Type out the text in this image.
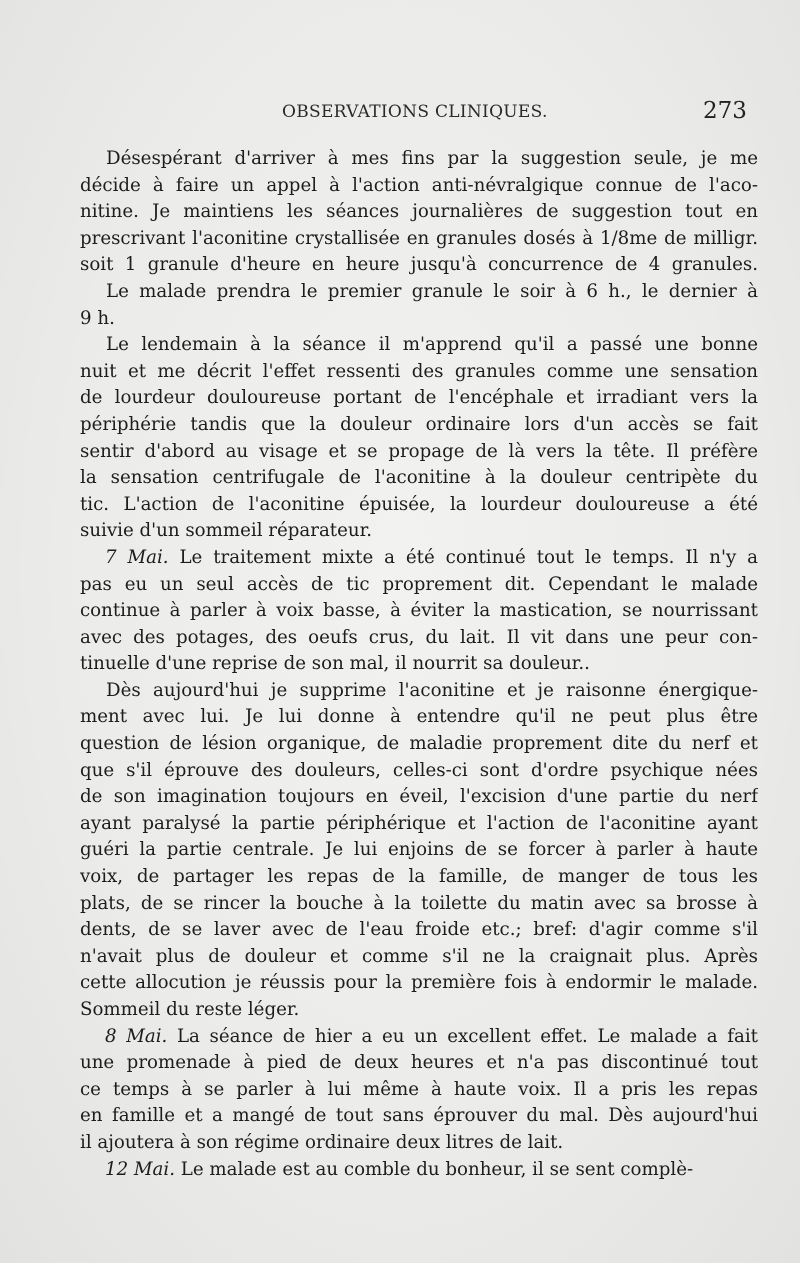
OBSERVATIONS CLINIQUES.	273
Désespérant d'arriver à mes fins par la suggestion seule, je me
décide à faire un appel à l'action anti-névralgique connue de l'aco-
nitine. Je maintiens les séances journalières de suggestion tout en
prescrivant l'aconitine crystallisée en granules dosés à 1/8me de milligr.
soit 1 granule d'heure en heure jusqu'à concurrence de 4 granules.
Le malade prendra le premier granule le soir à 6 h., le dernier à
9 h.
Le lendemain à la séance il m'apprend qu'il a passé une bonne
nuit et me décrit l'effet ressenti des granules comme une sensation
de lourdeur douloureuse portant de l'encéphale et irradiant vers la
périphérie tandis que la douleur ordinaire lors d'un accès se fait
sentir d'abord au visage et se propage de là vers la tête. Il préfère
la sensation centrifugale de l'aconitine à la douleur centripète du
tic. L'action de l'aconitine épuisée, la lourdeur douloureuse a été
suivie d'un sommeil réparateur.
7 Mai. Le traitement mixte a été continué tout le temps. Il n'y a
pas eu un seul accès de tic proprement dit. Cependant le malade
continue à parler à voix basse, à éviter la mastication, se nourrissant
avec des potages, des oeufs crus, du lait. Il vit dans une peur con-
tinuelle d'une reprise de son mal, il nourrit sa douleur..
Dès aujourd'hui je supprime l'aconitine et je raisonne énergique-
ment avec lui. Je lui donne à entendre qu'il ne peut plus être
question de lésion organique, de maladie proprement dite du nerf et
que s'il éprouve des douleurs, celles-ci sont d'ordre psychique nées
de son imagination toujours en éveil, l'excision d'une partie du nerf
ayant paralysé la partie périphérique et l'action de l'aconitine ayant
guéri la partie centrale. Je lui enjoins de se forcer à parler à haute
voix, de partager les repas de la famille, de manger de tous les
plats, de se rincer la bouche à la toilette du matin avec sa brosse à
dents, de se laver avec de l'eau froide etc.; bref: d'agir comme s'il
n'avait plus de douleur et comme s'il ne la craignait plus. Après
cette allocution je réussis pour la première fois à endormir le malade.
Sommeil du reste léger.
8 Mai. La séance de hier a eu un excellent effet. Le malade a fait
une promenade à pied de deux heures et n'a pas discontinué tout
ce temps à se parler à lui même à haute voix. Il a pris les repas
en famille et a mangé de tout sans éprouver du mal. Dès aujourd'hui
il ajoutera à son régime ordinaire deux litres de lait.
12 Mai. Le malade est au comble du bonheur, il se sent complè-
